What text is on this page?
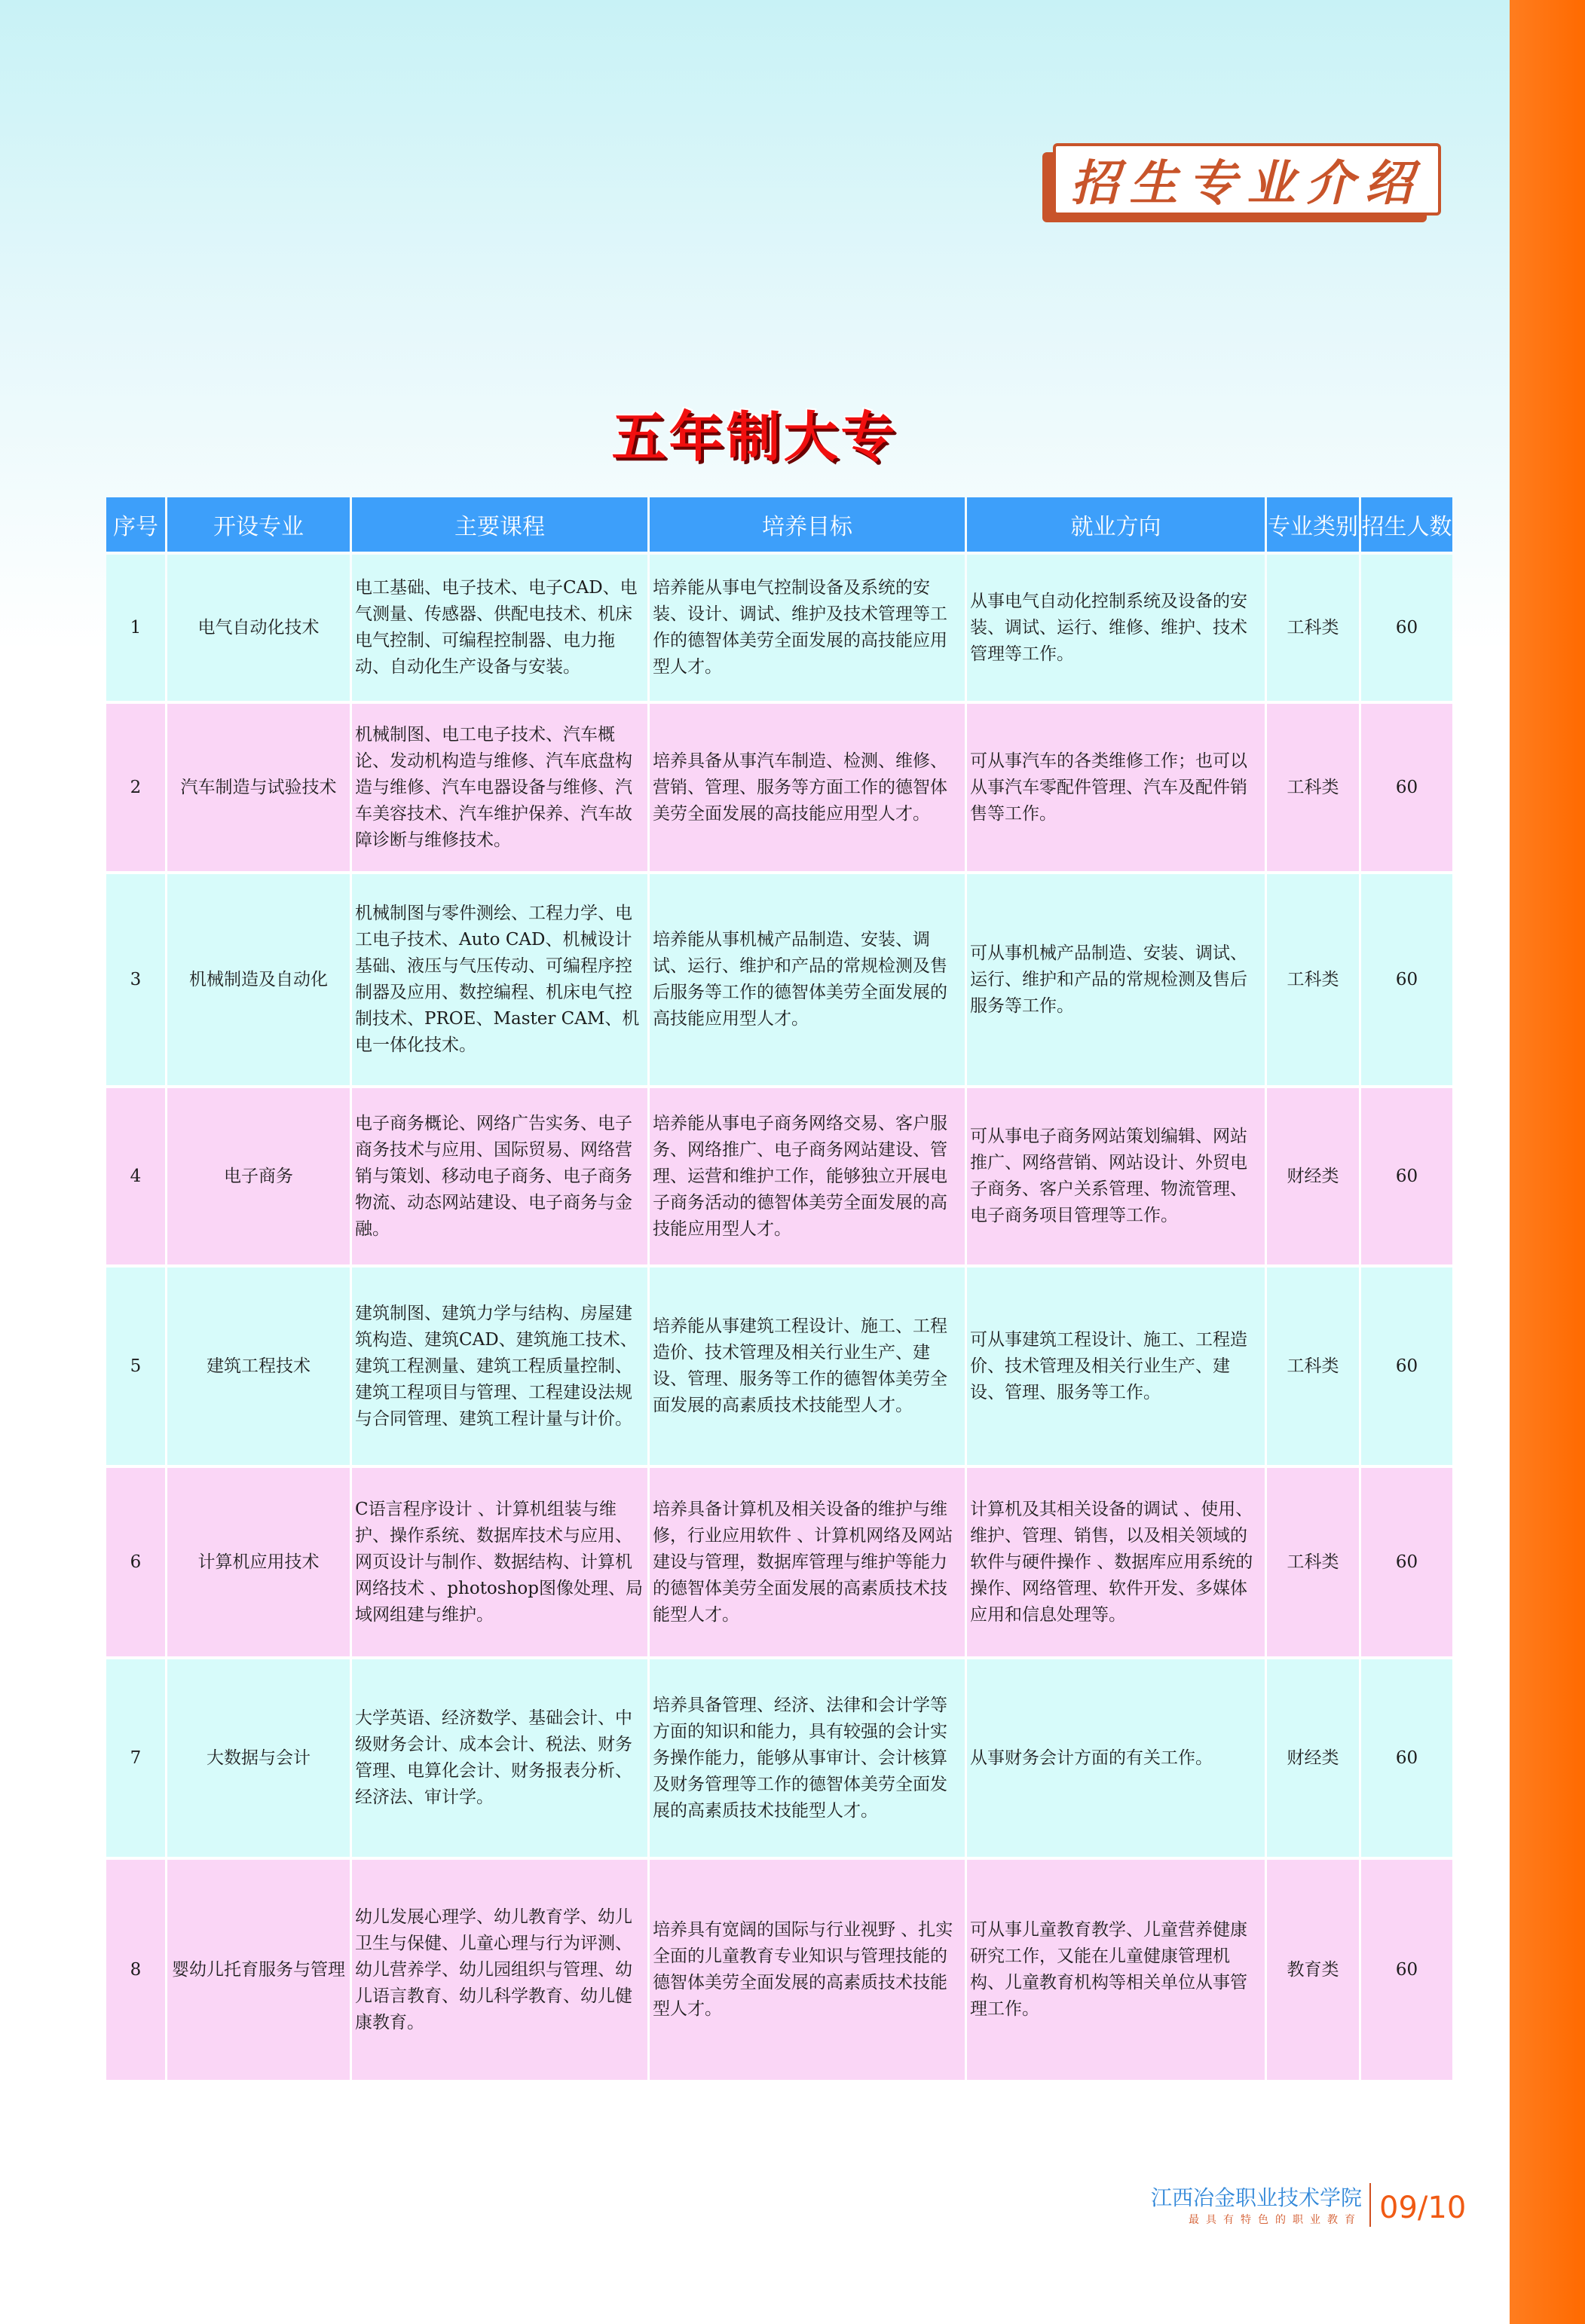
招生专业介绍
五年制大专
序号	开设专业	主要课程	培养目标	就业方向	专业类别	招生人数
1	电气自动化技术	电工基础、电子技术、电子CAD、电气测量、传感器、供配电技术、机床电气控制、可编程控制器、电力拖动、自动化生产设备与安装。	培养能从事电气控制设备及系统的安装、设计、调试、维护及技术管理等工作的德智体美劳全面发展的高技能应用型人才。	从事电气自动化控制系统及设备的安装、调试、运行、维修、维护、技术管理等工作。	工科类	60
2	汽车制造与试验技术	机械制图、电工电子技术、汽车概论、发动机构造与维修、汽车底盘构造与维修、汽车电器设备与维修、汽车美容技术、汽车维护保养、汽车故障诊断与维修技术。	培养具备从事汽车制造、检测、维修、营销、管理、服务等方面工作的德智体美劳全面发展的高技能应用型人才。	可从事汽车的各类维修工作；也可以从事汽车零配件管理、汽车及配件销售等工作。	工科类	60
3	机械制造及自动化	机械制图与零件测绘、工程力学、电工电子技术、Auto CAD、机械设计基础、液压与气压传动、可编程序控制器及应用、数控编程、机床电气控制技术、PROE、Master CAM、机电一体化技术。	培养能从事机械产品制造、安装、调试、运行、维护和产品的常规检测及售后服务等工作的德智体美劳全面发展的高技能应用型人才。	可从事机械产品制造、安装、调试、运行、维护和产品的常规检测及售后服务等工作。	工科类	60
4	电子商务	电子商务概论、网络广告实务、电子商务技术与应用、国际贸易、网络营销与策划、移动电子商务、电子商务物流、动态网站建设、电子商务与金融。	培养能从事电子商务网络交易、客户服务、网络推广、电子商务网站建设、管理、运营和维护工作，能够独立开展电子商务活动的德智体美劳全面发展的高技能应用型人才。	可从事电子商务网站策划编辑、网站推广、网络营销、网站设计、外贸电子商务、客户关系管理、物流管理、电子商务项目管理等工作。	财经类	60
5	建筑工程技术	建筑制图、建筑力学与结构、房屋建筑构造、建筑CAD、建筑施工技术、建筑工程测量、建筑工程质量控制、建筑工程项目与管理、工程建设法规与合同管理、建筑工程计量与计价。	培养能从事建筑工程设计、施工、工程造价、技术管理及相关行业生产、建设、管理、服务等工作的德智体美劳全面发展的高素质技术技能型人才。	可从事建筑工程设计、施工、工程造价、技术管理及相关行业生产、建设、管理、服务等工作。	工科类	60
6	计算机应用技术	C语言程序设计 、计算机组装与维护、操作系统、数据库技术与应用、网页设计与制作、数据结构、计算机网络技术 、photoshop图像处理、局域网组建与维护。	培养具备计算机及相关设备的维护与维修，行业应用软件 、计算机网络及网站建设与管理，数据库管理与维护等能力的德智体美劳全面发展的高素质技术技能型人才。	计算机及其相关设备的调试 、使用、维护、管理、销售，以及相关领域的软件与硬件操作 、数据库应用系统的操作、网络管理、软件开发、多媒体应用和信息处理等。	工科类	60
7	大数据与会计	大学英语、经济数学、基础会计、中级财务会计、成本会计、税法、财务管理、电算化会计、财务报表分析、经济法、审计学。	培养具备管理、经济、法律和会计学等方面的知识和能力，具有较强的会计实务操作能力，能够从事审计、会计核算及财务管理等工作的德智体美劳全面发展的高素质技术技能型人才。	从事财务会计方面的有关工作。	财经类	60
8	婴幼儿托育服务与管理	幼儿发展心理学、幼儿教育学、幼儿卫生与保健、儿童心理与行为评测、幼儿营养学、幼儿园组织与管理、幼儿语言教育、幼儿科学教育、幼儿健康教育。	培养具有宽阔的国际与行业视野 、扎实全面的儿童教育专业知识与管理技能的德智体美劳全面发展的高素质技术技能型人才。	可从事儿童教育教学、儿童营养健康研究工作，又能在儿童健康管理机构、儿童教育机构等相关单位从事管理工作。	教育类	60
江西冶金职业技术学院
最具有特色的职业教育 09/10
